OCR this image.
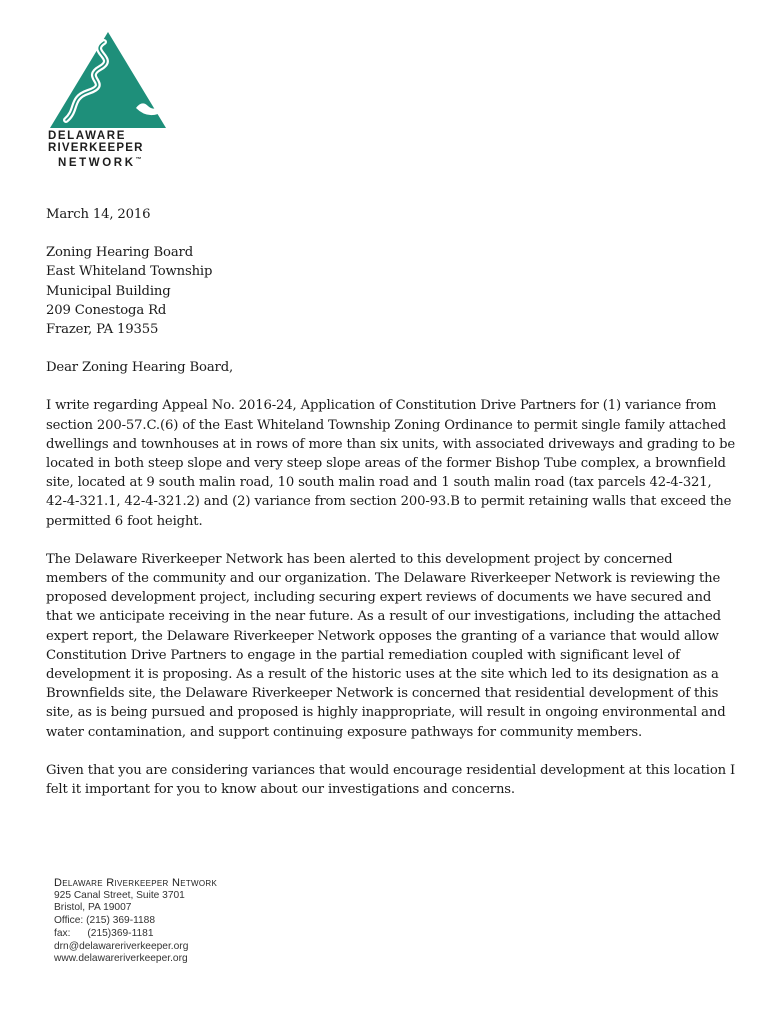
DELAWARE
RIVERKEEPER
NETWORK™

March 14, 2016

Zoning Hearing Board
East Whiteland Township
Municipal Building
209 Conestoga Rd
Frazer, PA 19355

Dear Zoning Hearing Board,

I write regarding Appeal No. 2016-24, Application of Constitution Drive Partners for (1) variance from section 200-57.C.(6) of the East Whiteland Township Zoning Ordinance to permit single family attached dwellings and townhouses at in rows of more than six units, with associated driveways and grading to be located in both steep slope and very steep slope areas of the former Bishop Tube complex, a brownfield site, located at 9 south malin road, 10 south malin road and 1 south malin road (tax parcels 42-4-321, 42-4-321.1, 42-4-321.2) and (2) variance from section 200-93.B to permit retaining walls that exceed the permitted 6 foot height.

The Delaware Riverkeeper Network has been alerted to this development project by concerned members of the community and our organization. The Delaware Riverkeeper Network is reviewing the proposed development project, including securing expert reviews of documents we have secured and that we anticipate receiving in the near future. As a result of our investigations, including the attached expert report, the Delaware Riverkeeper Network opposes the granting of a variance that would allow Constitution Drive Partners to engage in the partial remediation coupled with significant level of development it is proposing. As a result of the historic uses at the site which led to its designation as a Brownfields site, the Delaware Riverkeeper Network is concerned that residential development of this site, as is being pursued and proposed is highly inappropriate, will result in ongoing environmental and water contamination, and support continuing exposure pathways for community members.

Given that you are considering variances that would encourage residential development at this location I felt it important for you to know about our investigations and concerns.

Delaware Riverkeeper Network
925 Canal Street, Suite 3701
Bristol, PA 19007
Office: (215) 369-1188
fax:      (215)369-1181
drn@delawareriverkeeper.org
www.delawareriverkeeper.org
